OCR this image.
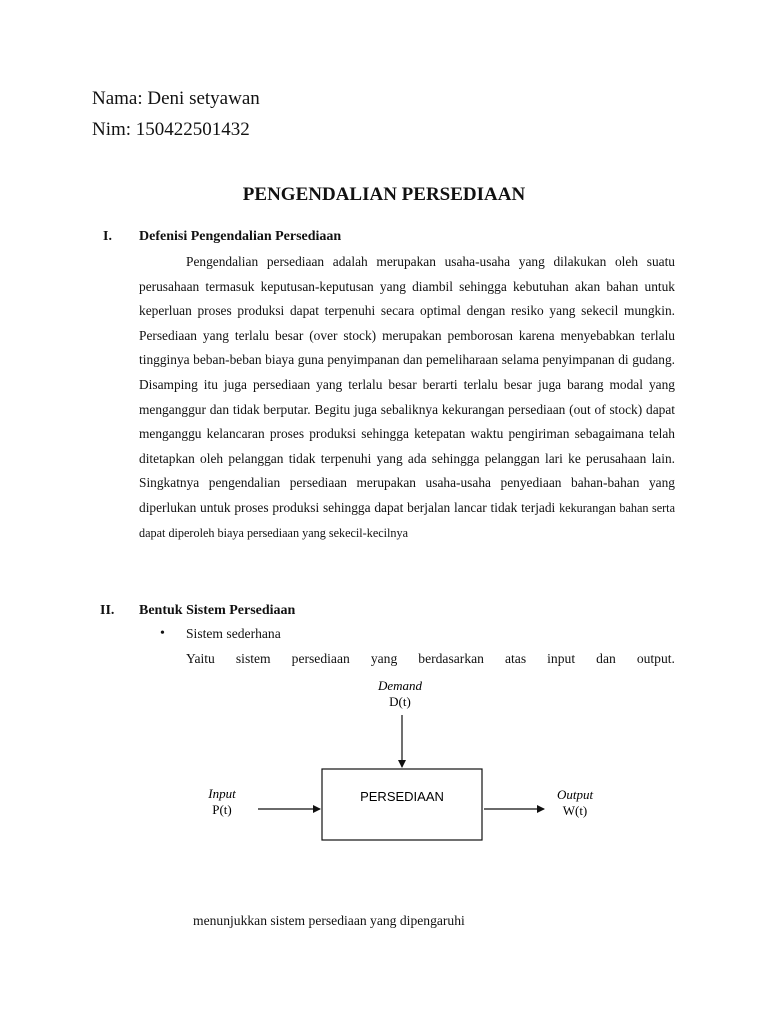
Nama: Deni setyawan
Nim: 150422501432
PENGENDALIAN PERSEDIAAN
I. Defenisi Pengendalian Persediaan

Pengendalian persediaan adalah merupakan usaha-usaha yang dilakukan oleh suatu perusahaan termasuk keputusan-keputusan yang diambil sehingga kebutuhan akan bahan untuk keperluan proses produksi dapat terpenuhi secara optimal dengan resiko yang sekecil mungkin. Persediaan yang terlalu besar (over stock) merupakan pemborosan karena menyebabkan terlalu tingginya beban-beban biaya guna penyimpanan dan pemeliharaan selama penyimpanan di gudang. Disamping itu juga persediaan yang terlalu besar berarti terlalu besar juga barang modal yang menganggur dan tidak berputar. Begitu juga sebaliknya kekurangan persediaan (out of stock) dapat menganggu kelancaran proses produksi sehingga ketepatan waktu pengiriman sebagaimana telah ditetapkan oleh pelanggan tidak terpenuhi yang ada sehingga pelanggan lari ke perusahaan lain. Singkatnya pengendalian persediaan merupakan usaha-usaha penyediaan bahan-bahan yang diperlukan untuk proses produksi sehingga dapat berjalan lancar tidak terjadi kekurangan bahan serta dapat diperoleh biaya persediaan yang sekecil-kecilnya

II. Bentuk Sistem Persediaan
• Sistem sederhana
Yaitu sistem persediaan yang berdasarkan atas input dan output.
PERSEDIAAN
Demand
D(t)
Input
P(t)
Output
W(t)
menunjukkan sistem persediaan yang dipengaruhi
